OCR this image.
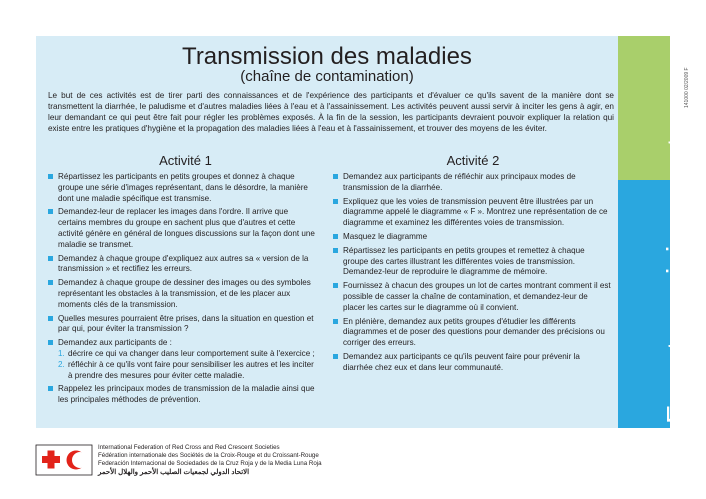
141000 02/2009 F
Eau et assainissement
Transmission des maladies
(chaîne de contamination)
Le but de ces activités est de tirer parti des connaissances et de l'expérience des participants et d'évaluer ce qu'ils savent de la manière dont se transmettent la diarrhée, le paludisme et d'autres maladies liées à l'eau et à l'assainissement. Les activités peuvent aussi servir à inciter les gens à agir, en leur demandant ce qui peut être fait pour régler les problèmes exposés. À la fin de la session, les participants devraient pouvoir expliquer la relation qui existe entre les pratiques d'hygiène et la propagation des maladies liées à l'eau et à l'assainissement, et trouver des moyens de les éviter.
Activité 1	Activité 2
Répartissez les participants en petits groupes et donnez à chaque groupe une série d'images représentant, dans le désordre, la manière dont une maladie spécifique est transmise.
Demandez-leur de replacer les images dans l'ordre. Il arrive que certains membres du groupe en sachent plus que d'autres et cette activité génère en général de longues discussions sur la façon dont une maladie se transmet.
Demandez à chaque groupe d'expliquez aux autres sa « version de la transmission » et rectifiez les erreurs.
Demandez à chaque groupe de dessiner des images ou des symboles représentant les obstacles à la transmission, et de les placer aux moments clés de la transmission.
Quelles mesures pourraient être prises, dans la situation en question et par qui, pour éviter la transmission ?
Demandez aux participants de :
1. décrire ce qui va changer dans leur comportement suite à l'exercice ;
2. réfléchir à ce qu'ils vont faire pour sensibiliser les autres et les inciter à prendre des mesures pour éviter cette maladie.
Rappelez les principaux modes de transmission de la maladie ainsi que les principales méthodes de prévention.
Demandez aux participants de réfléchir aux principaux modes de transmission de la diarrhée.
Expliquez que les voies de transmission peuvent être illustrées par un diagramme appelé le diagramme « F ». Montrez une représentation de ce diagramme et examinez les différentes voies de transmission.
Masquez le diagramme
Répartissez les participants en petits groupes et remettez à chaque groupe des cartes illustrant les différentes voies de transmission. Demandez-leur de reproduire le diagramme de mémoire.
Fournissez à chacun des groupes un lot de cartes montrant comment il est possible de casser la chaîne de contamination, et demandez-leur de placer les cartes sur le diagramme où il convient.
En plénière, demandez aux petits groupes d'étudier les différents diagrammes et de poser des questions pour demander des précisions ou corriger des erreurs.
Demandez aux participants ce qu'ils peuvent faire pour prévenir la diarrhée chez eux et dans leur communauté.
International Federation of Red Cross and Red Crescent Societies
Fédération internationale des Sociétés de la Croix-Rouge et du Croissant-Rouge
Federación Internacional de Sociedades de la Cruz Roja y de la Media Luna Roja
الاتحاد الدولي لجمعيات الصليب الأحمر والهلال الأحمر
